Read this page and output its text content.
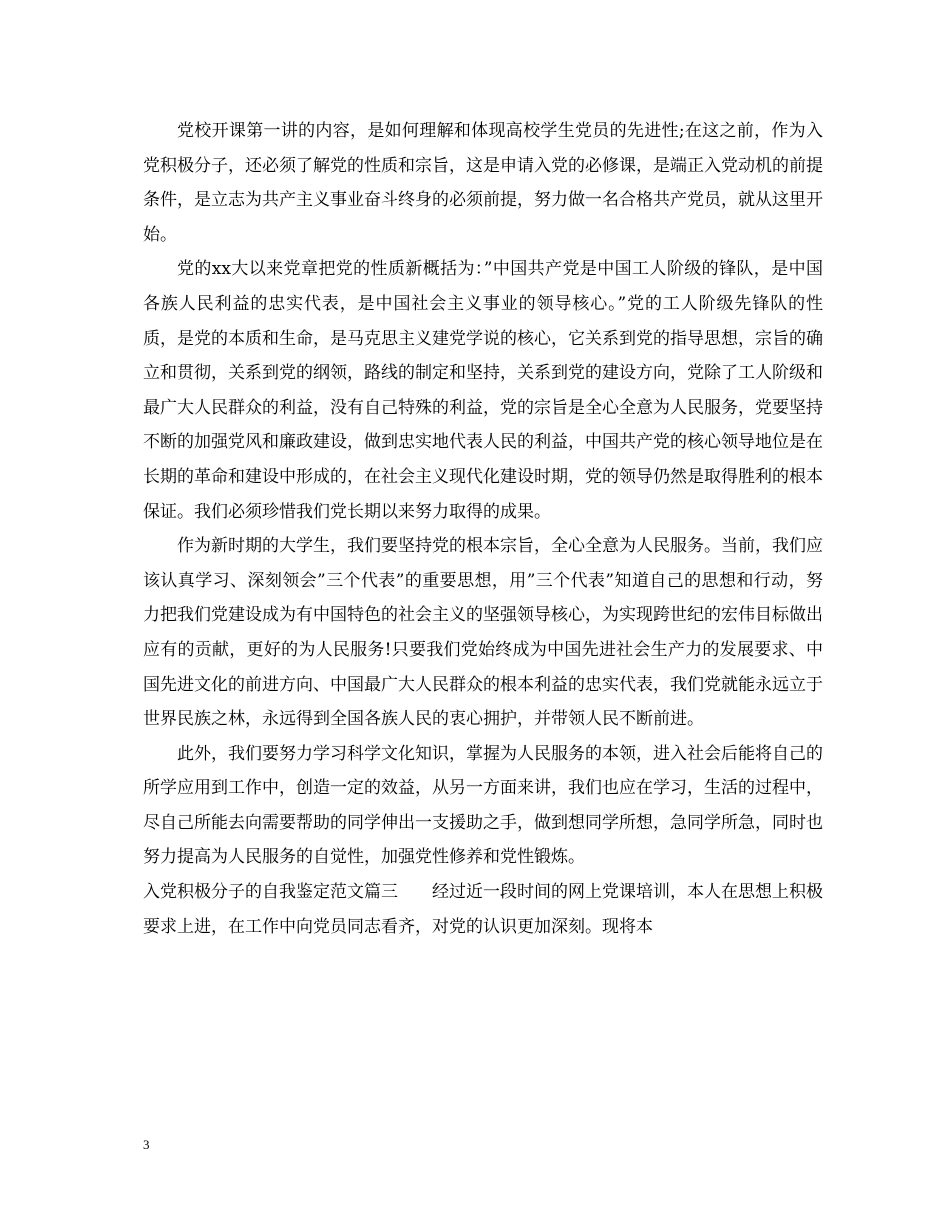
党校开课第一讲的内容，是如何理解和体现高校学生党员的先进性;在这之前，作为入党积极分子，还必须了解党的性质和宗旨，这是申请入党的必修课，是端正入党动机的前提条件，是立志为共产主义事业奋斗终身的必须前提，努力做一名合格共产党员，就从这里开始。

党的xx大以来党章把党的性质新概括为：”中国共产党是中国工人阶级的锋队，是中国各族人民利益的忠实代表，是中国社会主义事业的领导核心。”党的工人阶级先锋队的性质，是党的本质和生命，是马克思主义建党学说的核心，它关系到党的指导思想，宗旨的确立和贯彻，关系到党的纲领，路线的制定和坚持，关系到党的建设方向，党除了工人阶级和最广大人民群众的利益，没有自己特殊的利益，党的宗旨是全心全意为人民服务，党要坚持不断的加强党风和廉政建设，做到忠实地代表人民的利益，中国共产党的核心领导地位是在长期的革命和建设中形成的，在社会主义现代化建设时期，党的领导仍然是取得胜利的根本保证。我们必须珍惜我们党长期以来努力取得的成果。

作为新时期的大学生，我们要坚持党的根本宗旨，全心全意为人民服务。当前，我们应该认真学习、深刻领会”三个代表”的重要思想，用”三个代表”知道自己的思想和行动，努力把我们党建设成为有中国特色的社会主义的坚强领导核心，为实现跨世纪的宏伟目标做出应有的贡献，更好的为人民服务!只要我们党始终成为中国先进社会生产力的发展要求、中国先进文化的前进方向、中国最广大人民群众的根本利益的忠实代表，我们党就能永远立于世界民族之林，永远得到全国各族人民的衷心拥护，并带领人民不断前进。

此外，我们要努力学习科学文化知识，掌握为人民服务的本领，进入社会后能将自己的所学应用到工作中，创造一定的效益，从另一方面来讲，我们也应在学习，生活的过程中，尽自己所能去向需要帮助的同学伸出一支援助之手，做到想同学所想，急同学所急，同时也努力提高为人民服务的自觉性，加强党性修养和党性锻炼。

入党积极分子的自我鉴定范文篇三　　经过近一段时间的网上党课培训，本人在思想上积极要求上进，在工作中向党员同志看齐，对党的认识更加深刻。现将本

3
